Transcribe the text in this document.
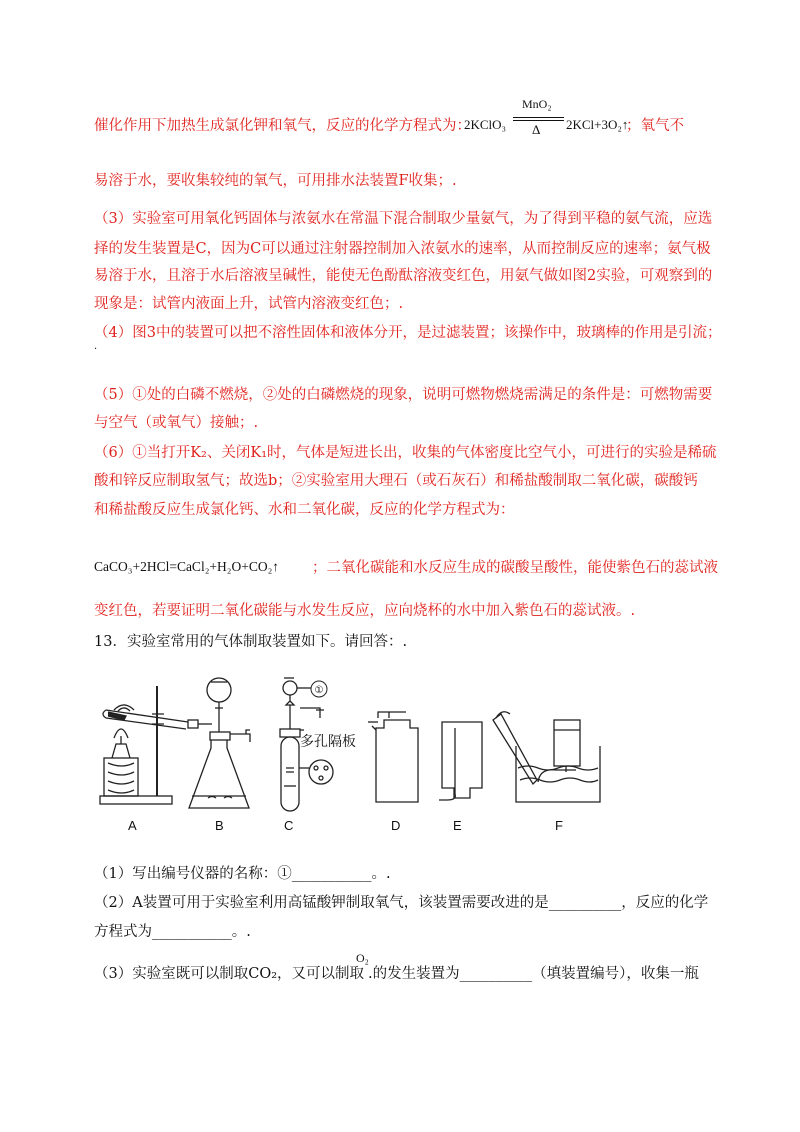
催化作用下加热生成氯化钾和氧气，反应的化学方程式为：
2KClO₃
MnO₂
Δ 2KCl+3O₂↑
；氧气不
易溶于水，要收集较纯的氧气，可用排水法装置F收集；.
（3）实验室可用氧化钙固体与浓氨水在常温下混合制取少量氨气，为了得到平稳的氨气流，应选
择的发生装置是C，因为C可以通过注射器控制加入浓氨水的速率，从而控制反应的速率；氨气极
易溶于水，且溶于水后溶液呈碱性，能使无色酚酞溶液变红色，用氨气做如图2实验，可观察到的
现象是：试管内液面上升，试管内溶液变红色；.
（4）图3中的装置可以把不溶性固体和液体分开，是过滤装置；该操作中，玻璃棒的作用是引流；
·
（5）①处的白磷不燃烧，②处的白磷燃烧的现象，说明可燃物燃烧需满足的条件是：可燃物需要
与空气（或氧气）接触；.
（6）①当打开K₂、关闭K₁时，气体是短进长出，收集的气体密度比空气小，可进行的实验是稀硫
酸和锌反应制取氢气；故选b；②实验室用大理石（或石灰石）和稀盐酸制取二氧化碳，碳酸钙
和稀盐酸反应生成氯化钙、水和二氧化碳，反应的化学方程式为：
CaCO₃+2HCl=CaCl₂+H₂O+CO₂↑ ；二氧化碳能和水反应生成的碳酸呈酸性，能使紫色石的蕊试液
变红色，若要证明二氧化碳能与水发生反应，应向烧杯的水中加入紫色石的蕊试液。.
13．实验室常用的气体制取装置如下。请回答：.
①
多孔隔板
A	B	C	D	E	F
（1）写出编号仪器的名称：①___________。.
（2）A装置可用于实验室利用高锰酸钾制取氧气，该装置需要改进的是__________，反应的化学
方程式为___________。.
（3）实验室既可以制取CO₂，又可以制取
O₂
.的发生装置为__________（填装置编号），收集一瓶
